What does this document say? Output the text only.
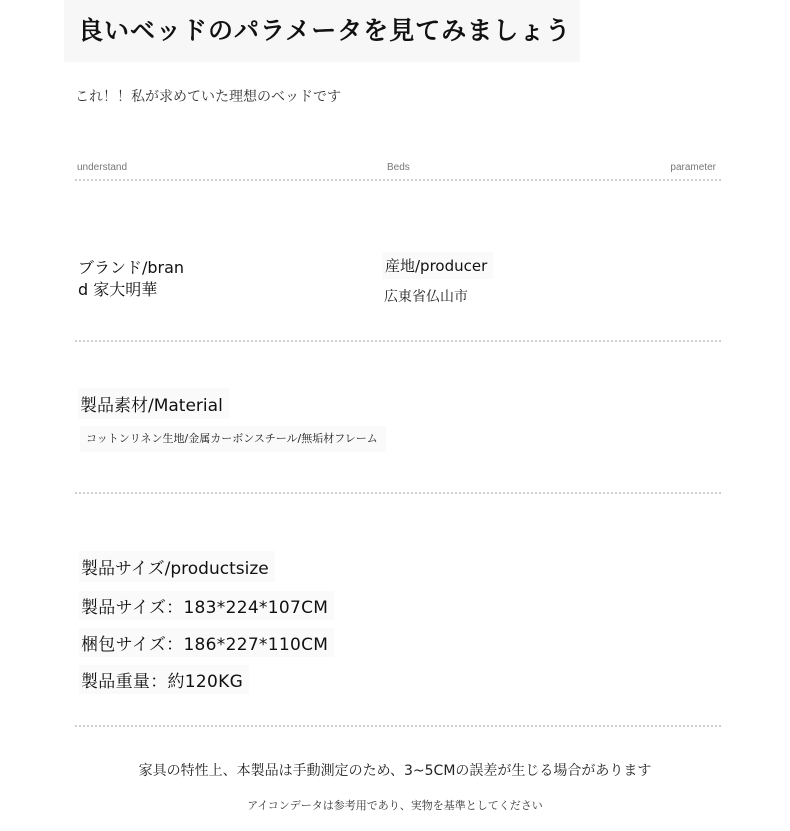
良いベッドのパラメータを見てみましょう
これ！！私が求めていた理想のベッドです
understand	Beds	parameter
ブランド/brand 家大明華
産地/producer
広東省仏山市
製品素材/Material
コットンリネン生地/金属カーボンスチール/無垢材フレーム
製品サイズ/productsize
製品サイズ：183*224*107CM
梱包サイズ：186*227*110CM
製品重量：約120KG
家具の特性上、本製品は手動測定のため、3~5CMの誤差が生じる場合があります
アイコンデータは参考用であり、実物を基準としてください
